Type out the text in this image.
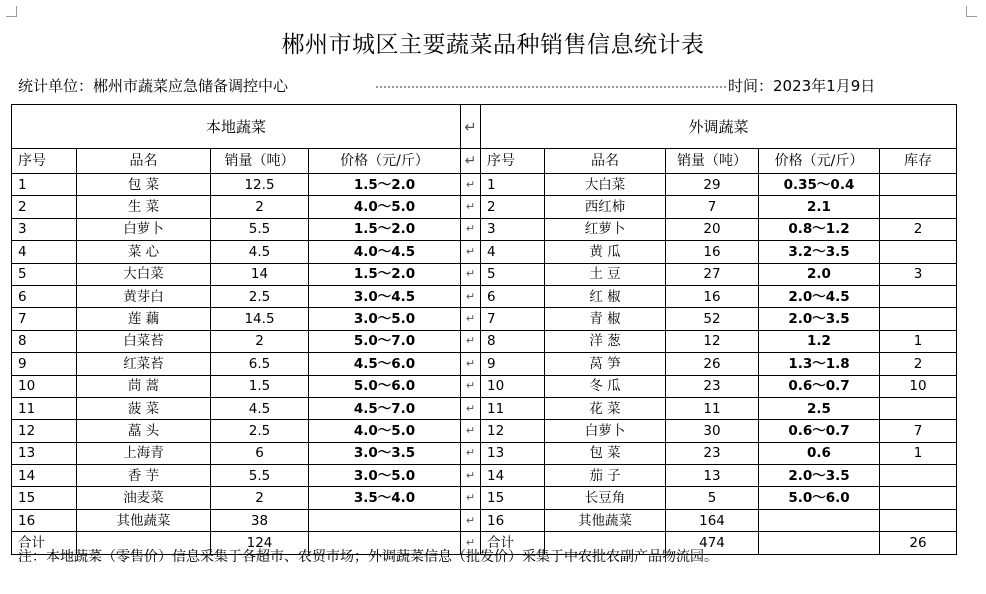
郴州市城区主要蔬菜品种销售信息统计表
统计单位：郴州市蔬菜应急储备调控中心	时间：2023年1月9日
本地蔬菜				↵	外调蔬菜				
序号	品名	销量（吨）	价格（元/斤）	↵	序号	品名	销量（吨）	价格（元/斤）	库存
1	包 菜	12.5	1.5～2.0	↵	1	大白菜	29	0.35～0.4	
2	生 菜	2	4.0～5.0	↵	2	西红柿	7	2.1	
3	白萝卜	5.5	1.5～2.0	↵	3	红萝卜	20	0.8～1.2	2
4	菜 心	4.5	4.0～4.5	↵	4	黄 瓜	16	3.2～3.5	
5	大白菜	14	1.5～2.0	↵	5	土 豆	27	2.0	3
6	黄芽白	2.5	3.0～4.5	↵	6	红 椒	16	2.0～4.5	
7	莲 藕	14.5	3.0～5.0	↵	7	青 椒	52	2.0～3.5	
8	白菜苔	2	5.0～7.0	↵	8	洋 葱	12	1.2	1
9	红菜苔	6.5	4.5～6.0	↵	9	莴 笋	26	1.3～1.8	2
10	茼 蒿	1.5	5.0～6.0	↵	10	冬 瓜	23	0.6～0.7	10
11	菠 菜	4.5	4.5～7.0	↵	11	花 菜	11	2.5	
12	藠 头	2.5	4.0～5.0	↵	12	白萝卜	30	0.6～0.7	7
13	上海青	6	3.0～3.5	↵	13	包 菜	23	0.6	1
14	香 芋	5.5	3.0～5.0	↵	14	茄 子	13	2.0～3.5	
15	油麦菜	2	3.5～4.0	↵	15	长豆角	5	5.0～6.0	
16	其他蔬菜	38		↵	16	其他蔬菜	164		
合计		124		↵	合计		474		26
注：本地蔬菜（零售价）信息采集于各超市、农贸市场；外调蔬菜信息（批发价）采集于中农批农副产品物流园。
